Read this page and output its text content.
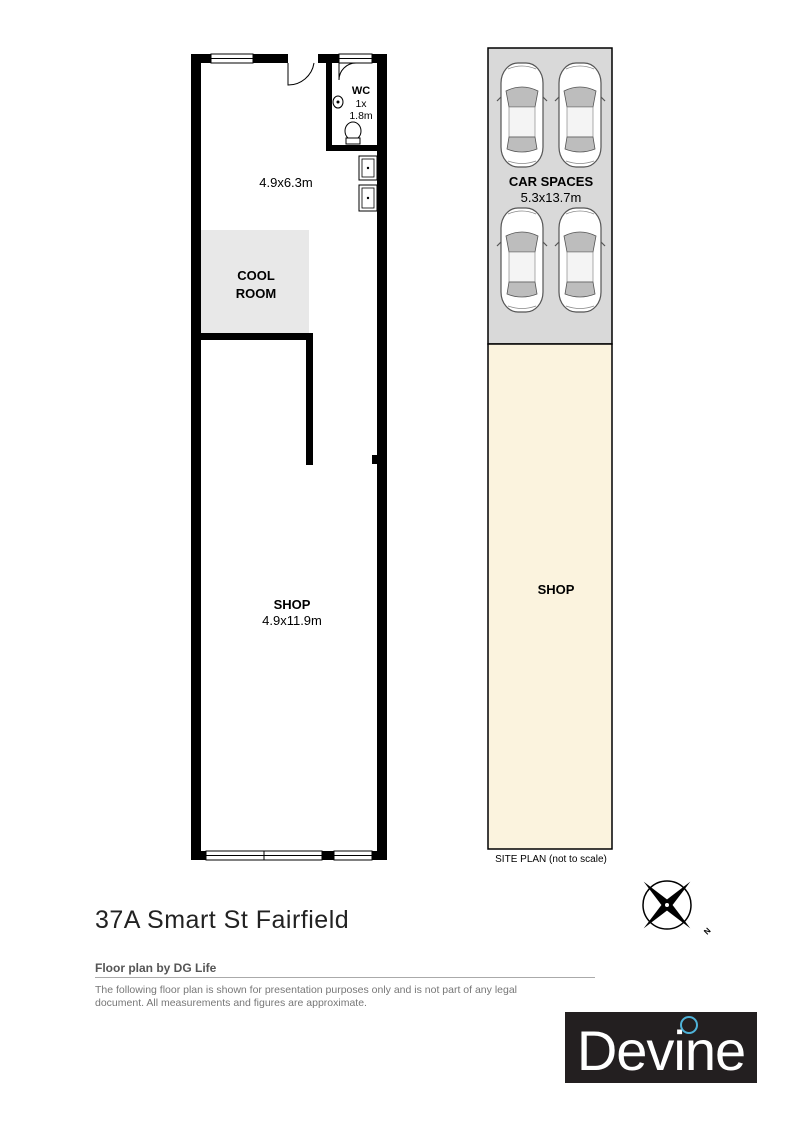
WC
1x
1.8m
4.9x6.3m
COOL
ROOM
SHOP
4.9x11.9m
CAR SPACES
5.3x13.7m
SHOP
SITE PLAN (not to scale)
N
37A Smart St Fairfield
Floor plan by DG Life
The following floor plan is shown for presentation purposes only and is not part of any legal document. All measurements and figures are approximate.
Devine
